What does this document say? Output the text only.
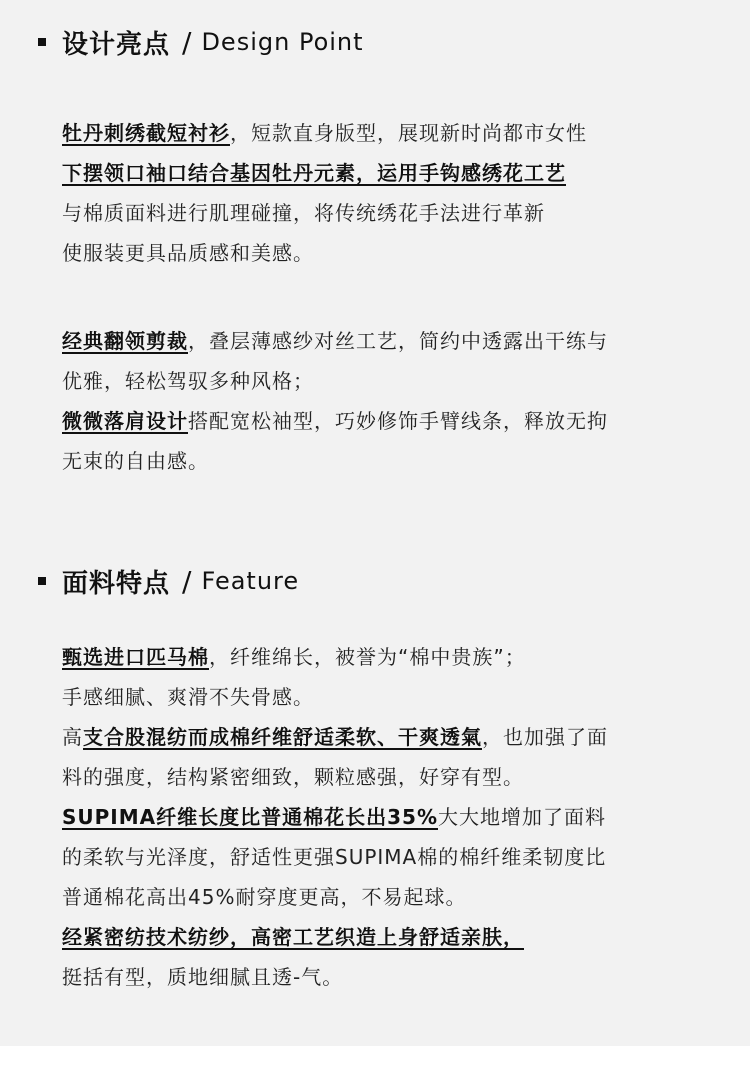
设计亮点 / Design Point
牡丹刺绣截短衬衫，短款直身版型，展现新时尚都市女性
下摆领口袖口结合基因牡丹元素，运用手钩感绣花工艺
与棉质面料进行肌理碰撞，将传统绣花手法进行革新
使服装更具品质感和美感。
经典翻领剪裁，叠层薄感纱对丝工艺，简约中透露出干练与
优雅，轻松驾驭多种风格；
微微落肩设计搭配宽松袖型，巧妙修饰手臂线条，释放无拘
无束的自由感。
面料特点 / Feature
甄选进口匹马棉，纤维绵长，被誉为“棉中贵族”；
手感细腻、爽滑不失骨感。
高支合股混纺而成棉纤维舒适柔软、干爽透氣，也加强了面
料的强度，结构紧密细致，颗粒感强，好穿有型。
SUPIMA纤维长度比普通棉花长出35%大大地增加了面料
的柔软与光泽度，舒适性更强SUPIMA棉的棉纤维柔韧度比
普通棉花高出45%耐穿度更高，不易起球。
经紧密纺技术纺纱，高密工艺织造上身舒适亲肤，
挺括有型，质地细腻且透-气。
